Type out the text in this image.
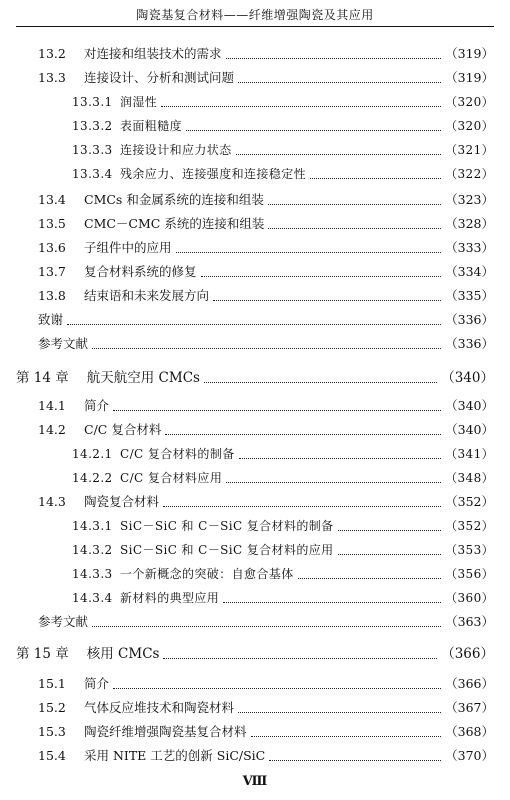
陶瓷基复合材料——纤维增强陶瓷及其应用
13.2	对连接和组装技术的需求	（319）
13.3	连接设计、分析和测试问题	（319）
13.3.1 润湿性	（320）
13.3.2 表面粗糙度	（320）
13.3.3 连接设计和应力状态	（321）
13.3.4 残余应力、连接强度和连接稳定性	（322）
13.4	CMCs 和金属系统的连接和组装	（323）
13.5	CMC－CMC 系统的连接和组装	（328）
13.6	子组件中的应用	（333）
13.7	复合材料系统的修复	（334）
13.8	结束语和未来发展方向	（335）
致谢	（336）
参考文献	（336）
第 14 章	航天航空用 CMCs	（340）
14.1	简介	（340）
14.2	C/C 复合材料	（340）
14.2.1 C/C 复合材料的制备	（341）
14.2.2 C/C 复合材料应用	（348）
14.3	陶瓷复合材料	（352）
14.3.1 SiC－SiC 和 C－SiC 复合材料的制备	（352）
14.3.2 SiC－SiC 和 C－SiC 复合材料的应用	（353）
14.3.3 一个新概念的突破：自愈合基体	（356）
14.3.4 新材料的典型应用	（360）
参考文献	（363）
第 15 章	核用 CMCs	（366）
15.1	简介	（366）
15.2	气体反应堆技术和陶瓷材料	（367）
15.3	陶瓷纤维增强陶瓷基复合材料	（368）
15.4	采用 NITE 工艺的创新 SiC/SiC	（370）
Ⅷ
